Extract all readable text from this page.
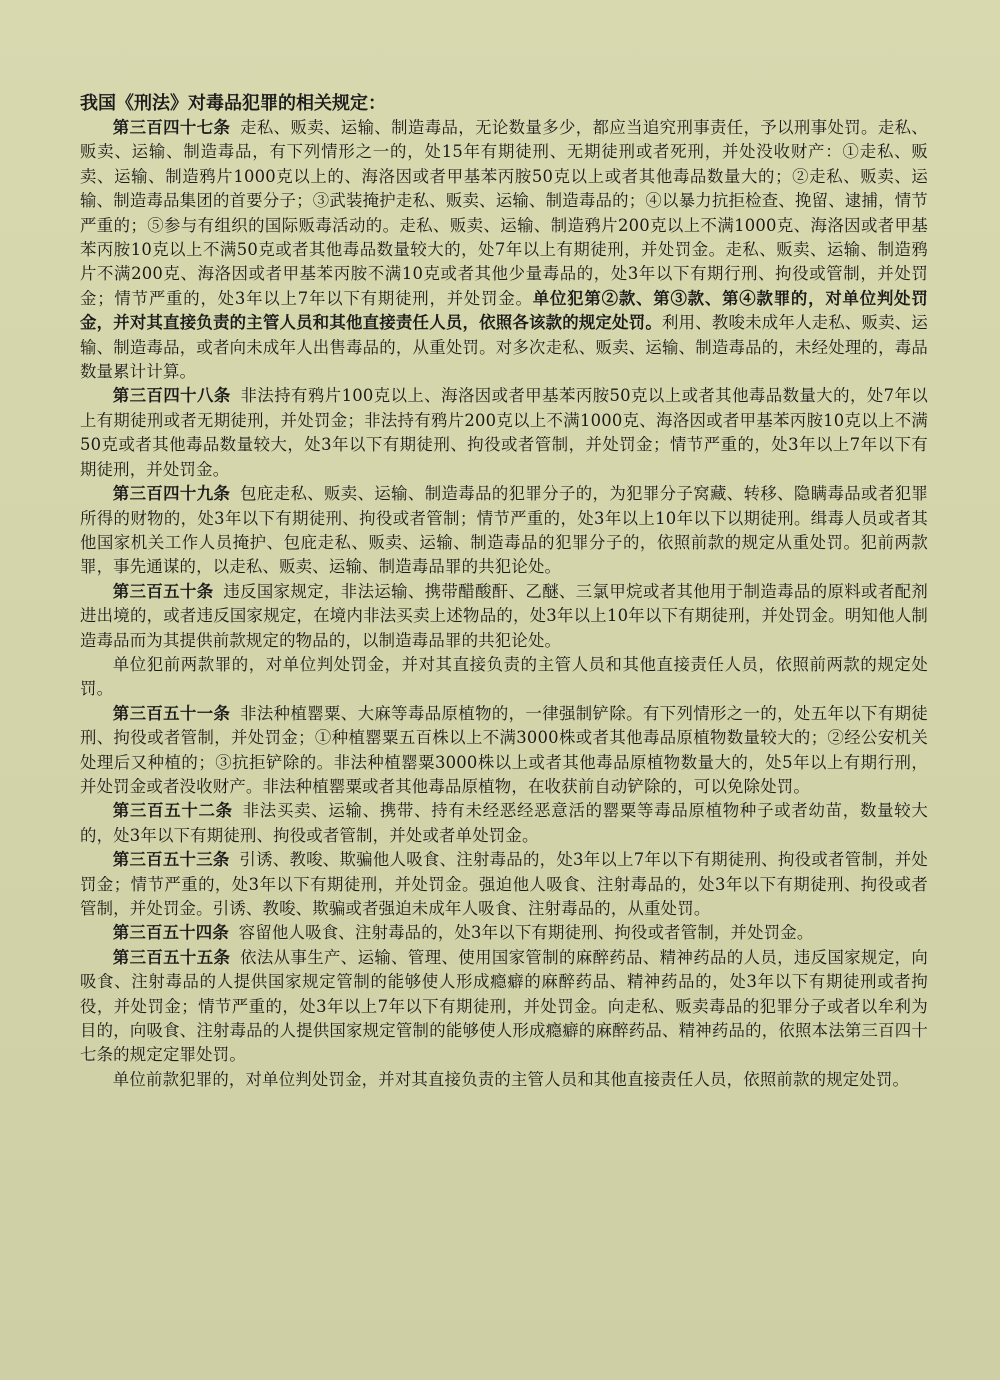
我国《刑法》对毒品犯罪的相关规定：

第三百四十七条 走私、贩卖、运输、制造毒品，无论数量多少，都应当追究刑事责任，予以刑事处罚。走私、贩卖、运输、制造毒品，有下列情形之一的，处15年有期徒刑、无期徒刑或者死刑，并处没收财产：①走私、贩卖、运输、制造鸦片1000克以上的、海洛因或者甲基苯丙胺50克以上或者其他毒品数量大的；②走私、贩卖、运输、制造毒品集团的首要分子；③武装掩护走私、贩卖、运输、制造毒品的；④以暴力抗拒检查、挽留、逮捕，情节严重的；⑤参与有组织的国际贩毒活动的。走私、贩卖、运输、制造鸦片200克以上不满1000克、海洛因或者甲基苯丙胺10克以上不满50克或者其他毒品数量较大的，处7年以上有期徒刑，并处罚金。走私、贩卖、运输、制造鸦片不满200克、海洛因或者甲基苯丙胺不满10克或者其他少量毒品的，处3年以下有期行刑、拘役或管制，并处罚金；情节严重的，处3年以上7年以下有期徒刑，并处罚金。单位犯第②款、第③款、第④款罪的，对单位判处罚金，并对其直接负责的主管人员和其他直接责任人员，依照各该款的规定处罚。利用、教唆未成年人走私、贩卖、运输、制造毒品，或者向未成年人出售毒品的，从重处罚。对多次走私、贩卖、运输、制造毒品的，未经处理的，毒品数量累计计算。

第三百四十八条 非法持有鸦片100克以上、海洛因或者甲基苯丙胺50克以上或者其他毒品数量大的，处7年以上有期徒刑或者无期徒刑，并处罚金；非法持有鸦片200克以上不满1000克、海洛因或者甲基苯丙胺10克以上不满50克或者其他毒品数量较大，处3年以下有期徒刑、拘役或者管制，并处罚金；情节严重的，处3年以上7年以下有期徒刑，并处罚金。

第三百四十九条 包庇走私、贩卖、运输、制造毒品的犯罪分子的，为犯罪分子窝藏、转移、隐瞒毒品或者犯罪所得的财物的，处3年以下有期徒刑、拘役或者管制；情节严重的，处3年以上10年以下以期徒刑。缉毒人员或者其他国家机关工作人员掩护、包庇走私、贩卖、运输、制造毒品的犯罪分子的，依照前款的规定从重处罚。犯前两款罪，事先通谋的，以走私、贩卖、运输、制造毒品罪的共犯论处。

第三百五十条 违反国家规定，非法运输、携带醋酸酐、乙醚、三氯甲烷或者其他用于制造毒品的原料或者配剂进出境的，或者违反国家规定，在境内非法买卖上述物品的，处3年以上10年以下有期徒刑，并处罚金。明知他人制造毒品而为其提供前款规定的物品的，以制造毒品罪的共犯论处。

单位犯前两款罪的，对单位判处罚金，并对其直接负责的主管人员和其他直接责任人员，依照前两款的规定处罚。

第三百五十一条 非法种植罂粟、大麻等毒品原植物的，一律强制铲除。有下列情形之一的，处五年以下有期徒刑、拘役或者管制，并处罚金；①种植罂粟五百株以上不满3000株或者其他毒品原植物数量较大的；②经公安机关处理后又种植的；③抗拒铲除的。非法种植罂粟3000株以上或者其他毒品原植物数量大的，处5年以上有期行刑，并处罚金或者没收财产。非法种植罂粟或者其他毒品原植物，在收获前自动铲除的，可以免除处罚。

第三百五十二条 非法买卖、运输、携带、持有未经恶经恶意活的罂粟等毒品原植物种子或者幼苗，数量较大的，处3年以下有期徒刑、拘役或者管制，并处或者单处罚金。

第三百五十三条 引诱、教唆、欺骗他人吸食、注射毒品的，处3年以上7年以下有期徒刑、拘役或者管制，并处罚金；情节严重的，处3年以下有期徒刑，并处罚金。强迫他人吸食、注射毒品的，处3年以下有期徒刑、拘役或者管制，并处罚金。引诱、教唆、欺骗或者强迫未成年人吸食、注射毒品的，从重处罚。

第三百五十四条 容留他人吸食、注射毒品的，处3年以下有期徒刑、拘役或者管制，并处罚金。

第三百五十五条 依法从事生产、运输、管理、使用国家管制的麻醉药品、精神药品的人员，违反国家规定，向吸食、注射毒品的人提供国家规定管制的能够使人形成瘾癖的麻醉药品、精神药品的，处3年以下有期徒刑或者拘役，并处罚金；情节严重的，处3年以上7年以下有期徒刑，并处罚金。向走私、贩卖毒品的犯罪分子或者以牟利为目的，向吸食、注射毒品的人提供国家规定管制的能够使人形成瘾癖的麻醉药品、精神药品的，依照本法第三百四十七条的规定定罪处罚。

单位前款犯罪的，对单位判处罚金，并对其直接负责的主管人员和其他直接责任人员，依照前款的规定处罚。
